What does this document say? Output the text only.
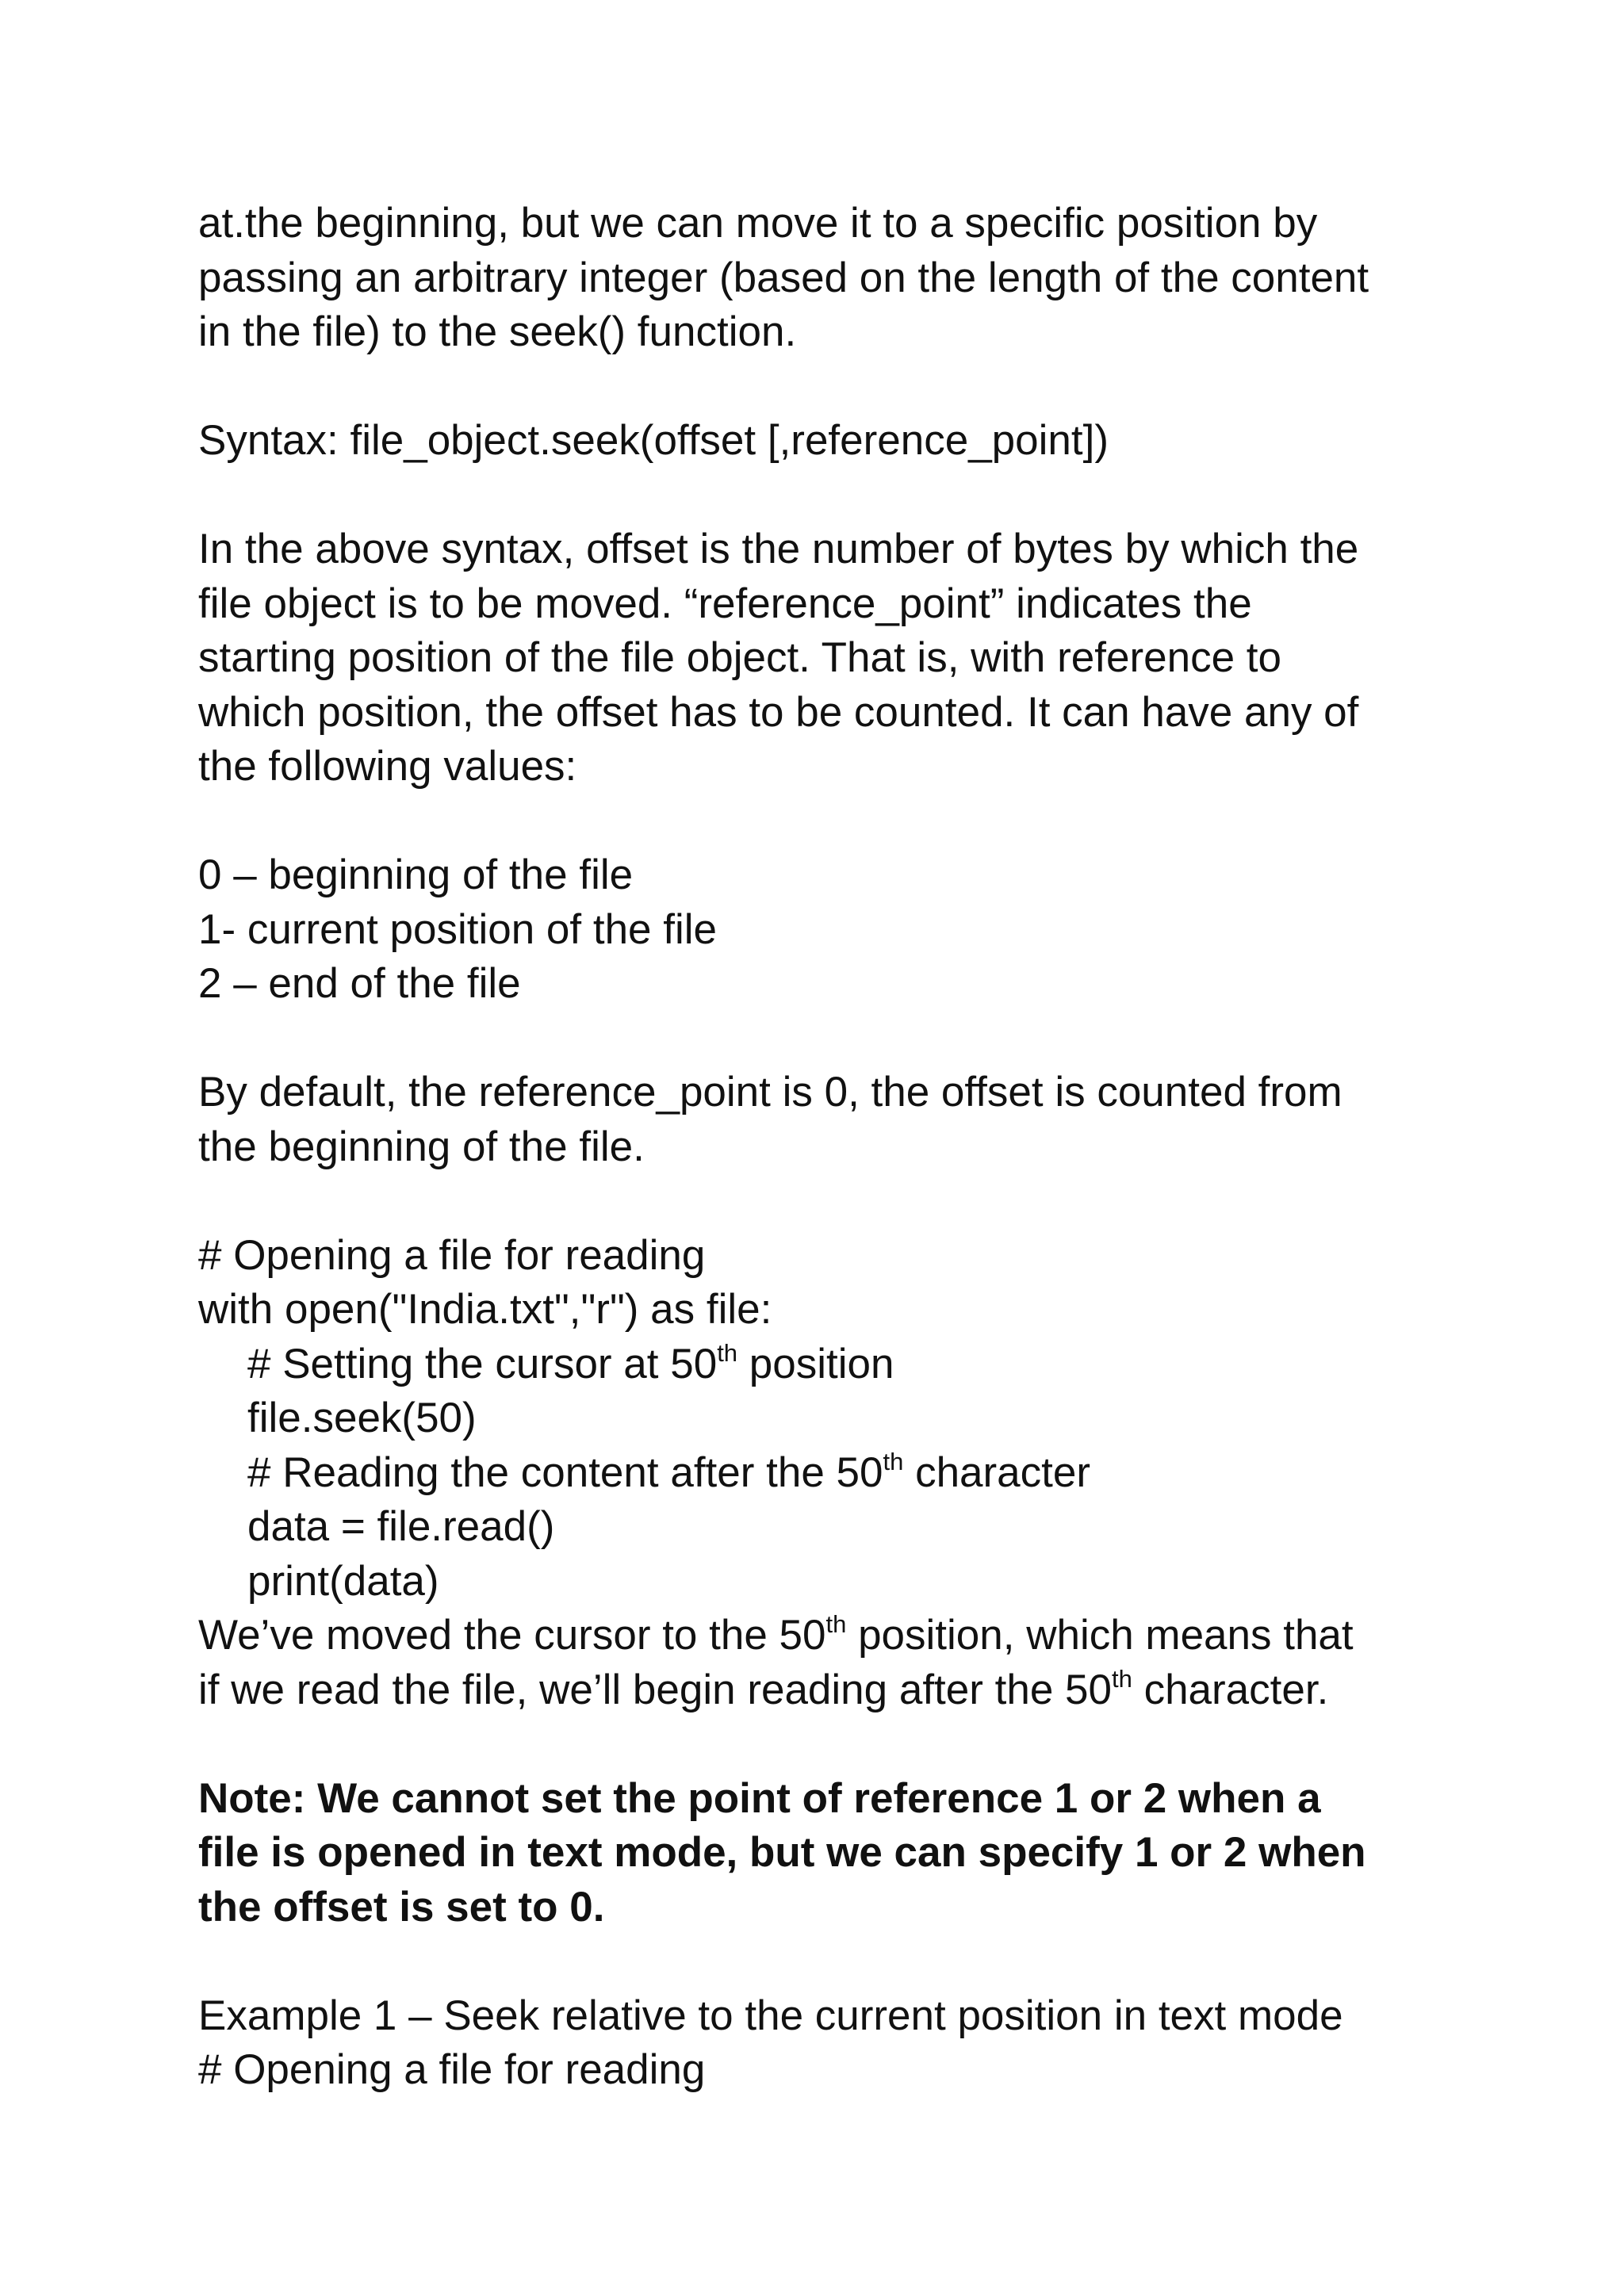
at.the beginning, but we can move it to a specific position by
passing an arbitrary integer (based on the length of the content
in the file) to the seek() function.
Syntax: file_object.seek(offset [,reference_point])
In the above syntax, offset is the number of bytes by which the
file object is to be moved. “reference_point” indicates the
starting position of the file object. That is, with reference to
which position, the offset has to be counted. It can have any of
the following values:
0 – beginning of the file
1- current position of the file
2 – end of the file
By default, the reference_point is 0, the offset is counted from
the beginning of the file.
# Opening a file for reading
with open("India.txt","r") as file:
# Setting the cursor at 50th position
file.seek(50)
# Reading the content after the 50th character
data = file.read()
print(data)
We’ve moved the cursor to the 50th position, which means that
if we read the file, we’ll begin reading after the 50th character.
Note: We cannot set the point of reference 1 or 2 when a
file is opened in text mode, but we can specify 1 or 2 when
the offset is set to 0.
Example 1 – Seek relative to the current position in text mode
# Opening a file for reading
